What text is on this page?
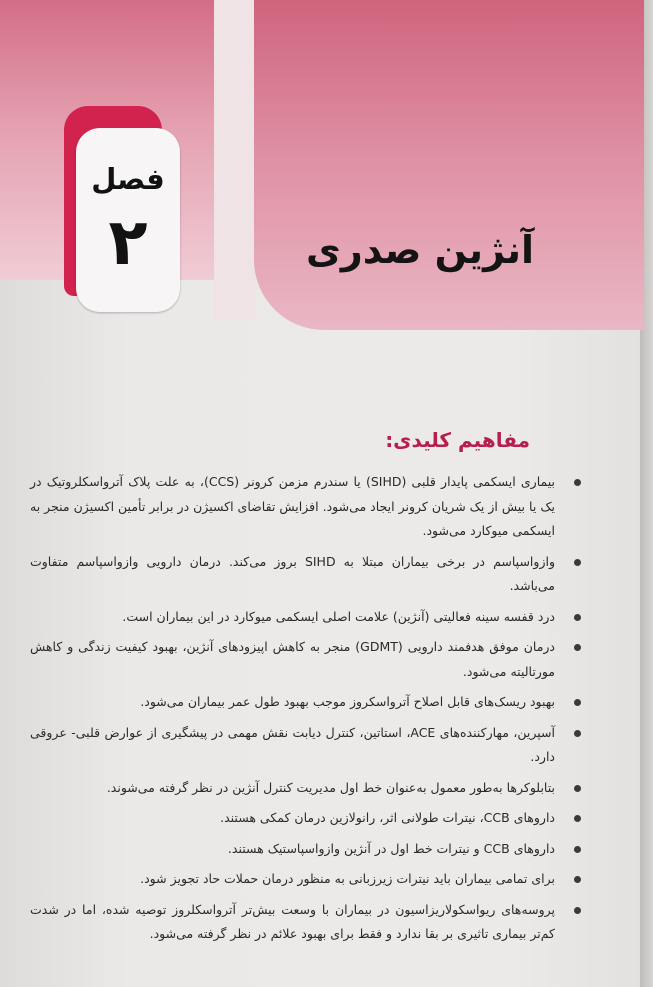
فصل
۲	آنژین صدری
مفاهیم کلیدی:
بیماری ایسکمی پایدار قلبی (SIHD) یا سندرم مزمن کرونر (CCS)، به علت پلاک آترواسکلروتیک در یک یا بیش از یک شریان کرونر ایجاد می‌شود. افزایش تقاضای اکسیژن در برابر تأمین اکسیژن منجر به ایسکمی میوکارد می‌شود.
وازواسپاسم در برخی بیماران مبتلا به SIHD بروز می‌کند. درمان دارویی وازواسپاسم متفاوت می‌باشد.
درد قفسه سینه فعالیتی (آنژین) علامت اصلی ایسکمی میوکارد در این بیماران است.
درمان موفق هدفمند دارویی (GDMT) منجر به کاهش اپیزودهای آنژین، بهبود کیفیت زندگی و کاهش مورتالیته می‌شود.
بهبود ریسک‌های قابل اصلاح آترواسکروز موجب بهبود طول عمر بیماران می‌شود.
آسپرین، مهارکننده‌های ACE، استاتین، کنترل دیابت نقش مهمی در پیشگیری از عوارض قلبی- عروقی دارد.
بتابلوکرها به‌طور معمول به‌عنوان خط اول مدیریت کنترل آنژین در نظر گرفته می‌شوند.
داروهای CCB، نیترات طولانی اثر، رانولازین درمان کمکی هستند.
داروهای CCB و نیترات خط اول در آنژین وازواسپاستیک هستند.
برای تمامی بیماران باید نیترات زیرزبانی به منظور درمان حملات حاد تجویز شود.
پروسه‌های ریواسکولاریزاسیون در بیماران با وسعت بیش‌تر آترواسکلروز توصیه شده، اما در شدت کم‌تر بیماری تاثیری بر بقا ندارد و فقط برای بهبود علائم در نظر گرفته می‌شود.
